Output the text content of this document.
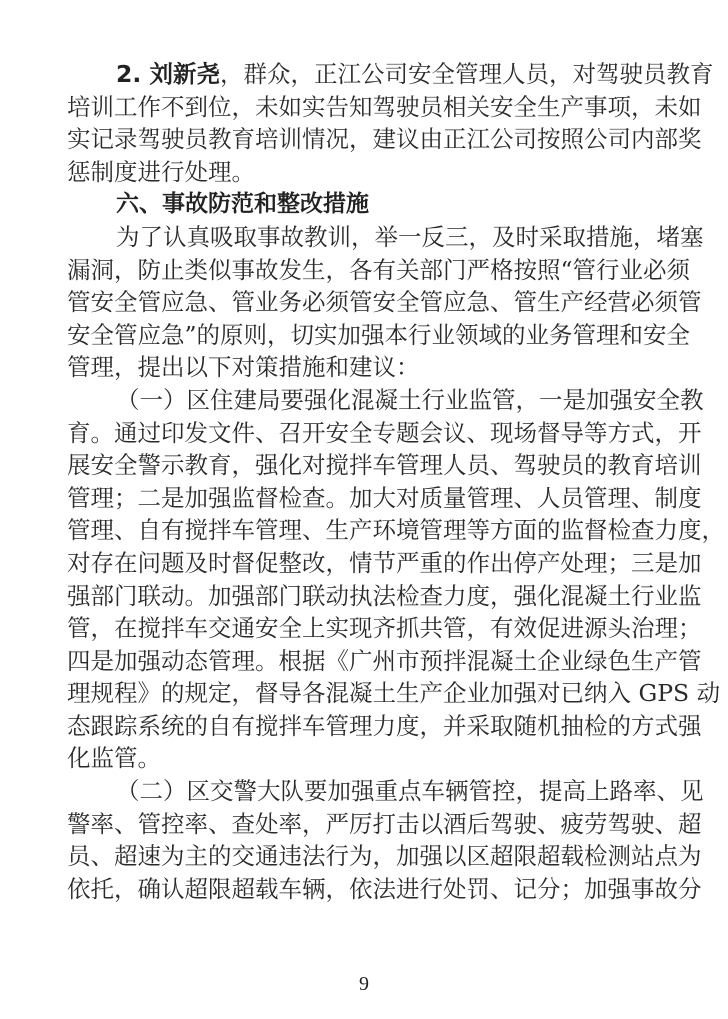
2. 刘新尧，群众，正江公司安全管理人员，对驾驶员教育
培训工作不到位，未如实告知驾驶员相关安全生产事项，未如
实记录驾驶员教育培训情况，建议由正江公司按照公司内部奖
惩制度进行处理。
六、事故防范和整改措施
为了认真吸取事故教训，举一反三，及时采取措施，堵塞
漏洞，防止类似事故发生，各有关部门严格按照“管行业必须
管安全管应急、管业务必须管安全管应急、管生产经营必须管
安全管应急”的原则，切实加强本行业领域的业务管理和安全
管理，提出以下对策措施和建议：
（一）区住建局要强化混凝土行业监管，一是加强安全教
育。通过印发文件、召开安全专题会议、现场督导等方式，开
展安全警示教育，强化对搅拌车管理人员、驾驶员的教育培训
管理；二是加强监督检查。加大对质量管理、人员管理、制度
管理、自有搅拌车管理、生产环境管理等方面的监督检查力度，
对存在问题及时督促整改，情节严重的作出停产处理；三是加
强部门联动。加强部门联动执法检查力度，强化混凝土行业监
管，在搅拌车交通安全上实现齐抓共管，有效促进源头治理；
四是加强动态管理。根据《广州市预拌混凝土企业绿色生产管
理规程》的规定，督导各混凝土生产企业加强对已纳入 GPS 动
态跟踪系统的自有搅拌车管理力度，并采取随机抽检的方式强
化监管。
（二）区交警大队要加强重点车辆管控，提高上路率、见
警率、管控率、查处率，严厉打击以酒后驾驶、疲劳驾驶、超
员、超速为主的交通违法行为，加强以区超限超载检测站点为
依托，确认超限超载车辆，依法进行处罚、记分；加强事故分
9
